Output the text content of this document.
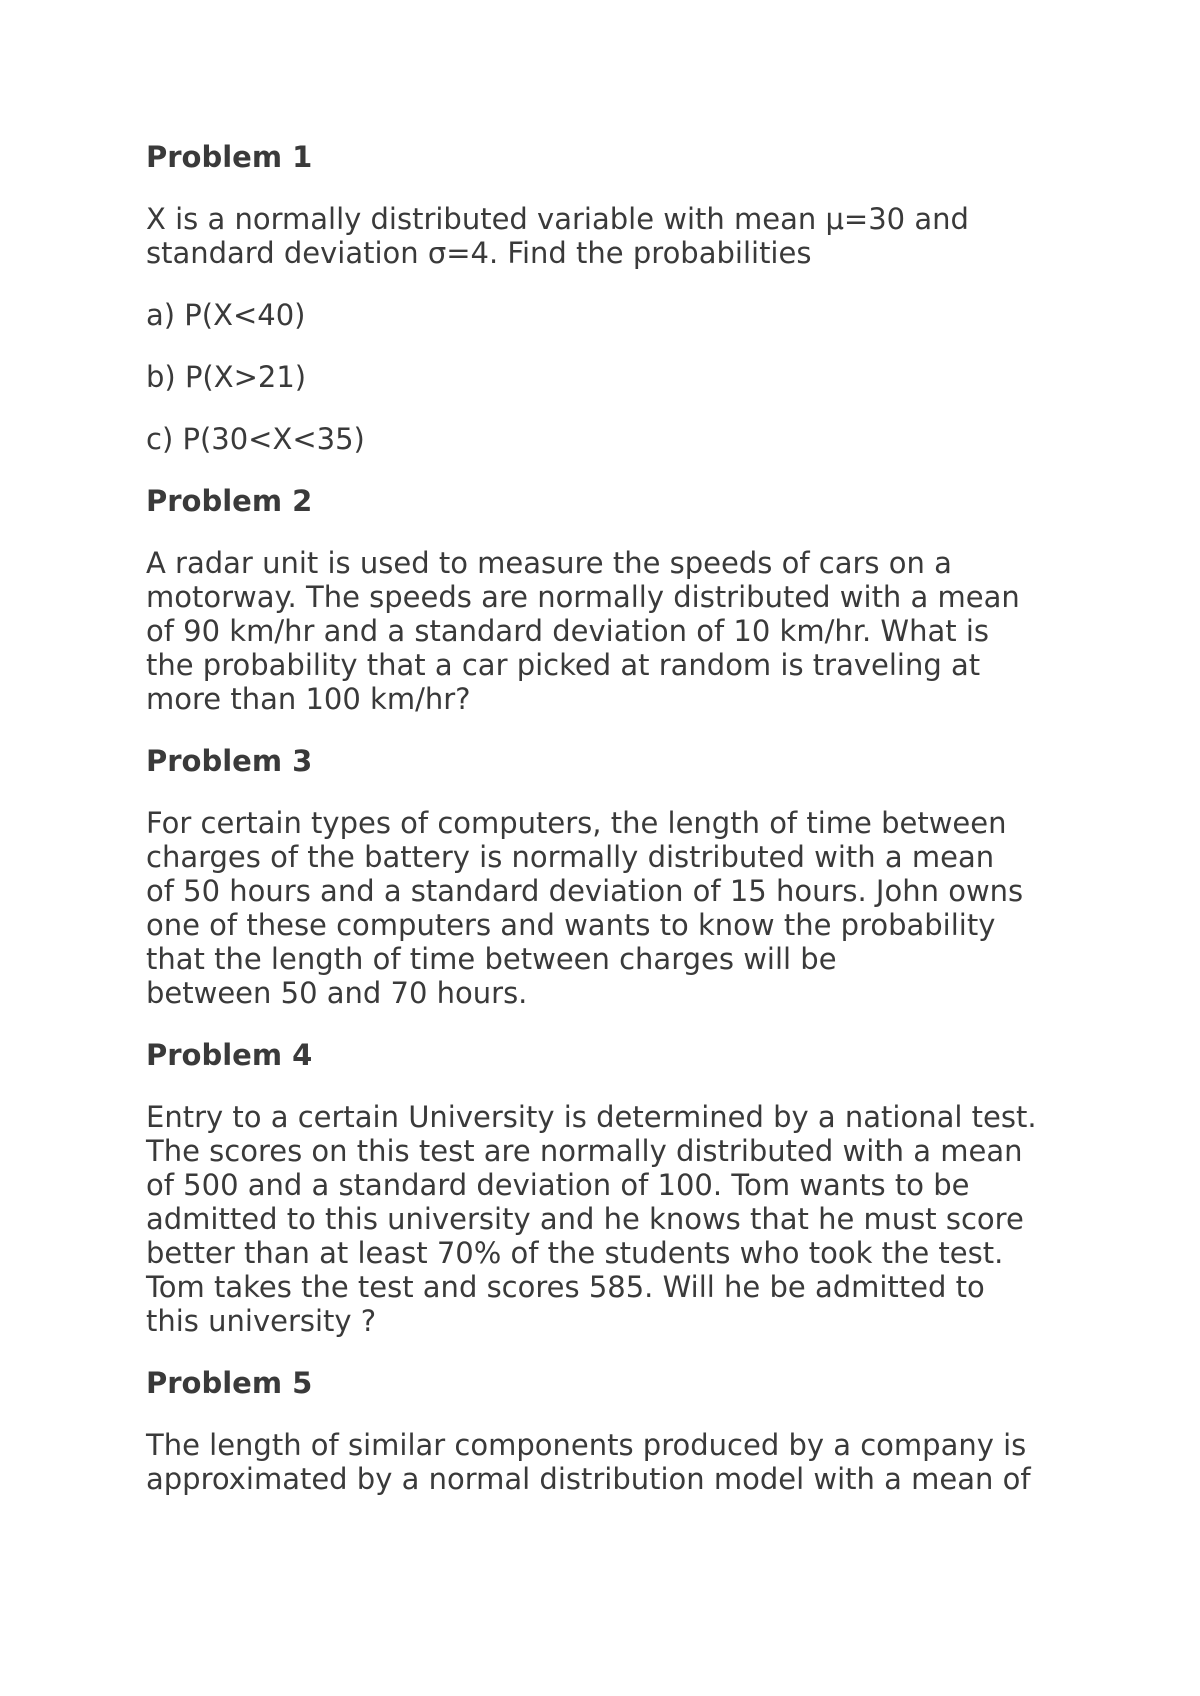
Problem 1
X is a normally distributed variable with mean μ=30 and
standard deviation σ=4. Find the probabilities
a) P(X<40)
b) P(X>21)
c) P(30<X<35)
Problem 2
A radar unit is used to measure the speeds of cars on a
motorway. The speeds are normally distributed with a mean
of 90 km/hr and a standard deviation of 10 km/hr. What is
the probability that a car picked at random is traveling at
more than 100 km/hr?
Problem 3
For certain types of computers, the length of time between
charges of the battery is normally distributed with a mean
of 50 hours and a standard deviation of 15 hours. John owns
one of these computers and wants to know the probability
that the length of time between charges will be
between 50 and 70 hours.
Problem 4
Entry to a certain University is determined by a national test.
The scores on this test are normally distributed with a mean
of 500 and a standard deviation of 100. Tom wants to be
admitted to this university and he knows that he must score
better than at least 70% of the students who took the test.
Tom takes the test and scores 585. Will he be admitted to
this university ?
Problem 5
The length of similar components produced by a company is
approximated by a normal distribution model with a mean of
